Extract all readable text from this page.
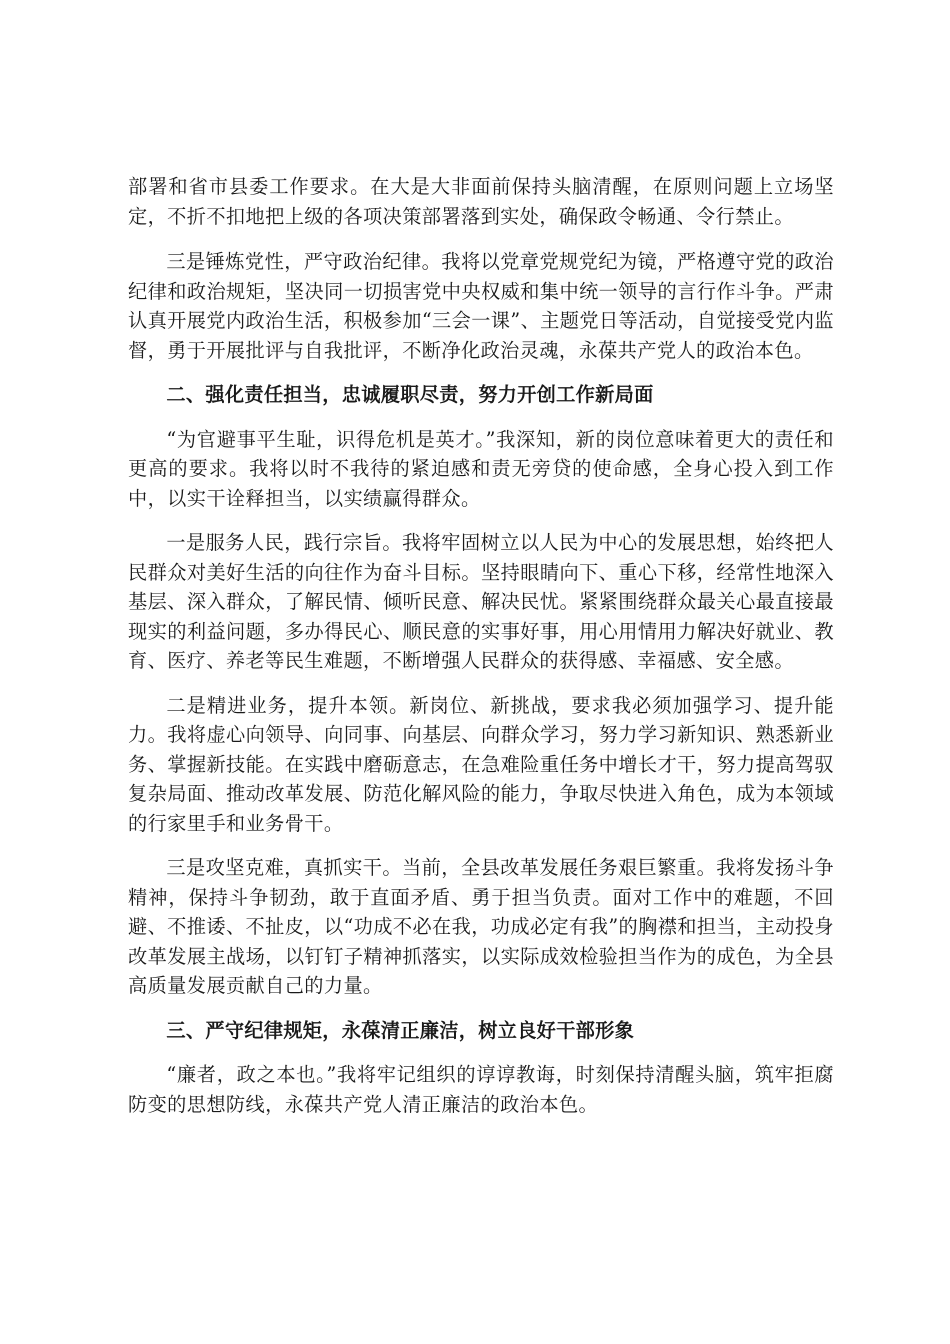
部署和省市县委工作要求。在大是大非面前保持头脑清醒，在原则问题上立场坚定，不折不扣地把上级的各项决策部署落到实处，确保政令畅通、令行禁止。

三是锤炼党性，严守政治纪律。我将以党章党规党纪为镜，严格遵守党的政治纪律和政治规矩，坚决同一切损害党中央权威和集中统一领导的言行作斗争。严肃认真开展党内政治生活，积极参加“三会一课”、主题党日等活动，自觉接受党内监督，勇于开展批评与自我批评，不断净化政治灵魂，永葆共产党人的政治本色。

二、强化责任担当，忠诚履职尽责，努力开创工作新局面

“为官避事平生耻，识得危机是英才。”我深知，新的岗位意味着更大的责任和更高的要求。我将以时不我待的紧迫感和责无旁贷的使命感，全身心投入到工作中，以实干诠释担当，以实绩赢得群众。

一是服务人民，践行宗旨。我将牢固树立以人民为中心的发展思想，始终把人民群众对美好生活的向往作为奋斗目标。坚持眼睛向下、重心下移，经常性地深入基层、深入群众，了解民情、倾听民意、解决民忧。紧紧围绕群众最关心最直接最现实的利益问题，多办得民心、顺民意的实事好事，用心用情用力解决好就业、教育、医疗、养老等民生难题，不断增强人民群众的获得感、幸福感、安全感。

二是精进业务，提升本领。新岗位、新挑战，要求我必须加强学习、提升能力。我将虚心向领导、向同事、向基层、向群众学习，努力学习新知识、熟悉新业务、掌握新技能。在实践中磨砺意志，在急难险重任务中增长才干，努力提高驾驭复杂局面、推动改革发展、防范化解风险的能力，争取尽快进入角色，成为本领域的行家里手和业务骨干。

三是攻坚克难，真抓实干。当前，全县改革发展任务艰巨繁重。我将发扬斗争精神，保持斗争韧劲，敢于直面矛盾、勇于担当负责。面对工作中的难题，不回避、不推诿、不扯皮，以“功成不必在我，功成必定有我”的胸襟和担当，主动投身改革发展主战场，以钉钉子精神抓落实，以实际成效检验担当作为的成色，为全县高质量发展贡献自己的力量。

三、严守纪律规矩，永葆清正廉洁，树立良好干部形象

“廉者，政之本也。”我将牢记组织的谆谆教诲，时刻保持清醒头脑，筑牢拒腐防变的思想防线，永葆共产党人清正廉洁的政治本色。
